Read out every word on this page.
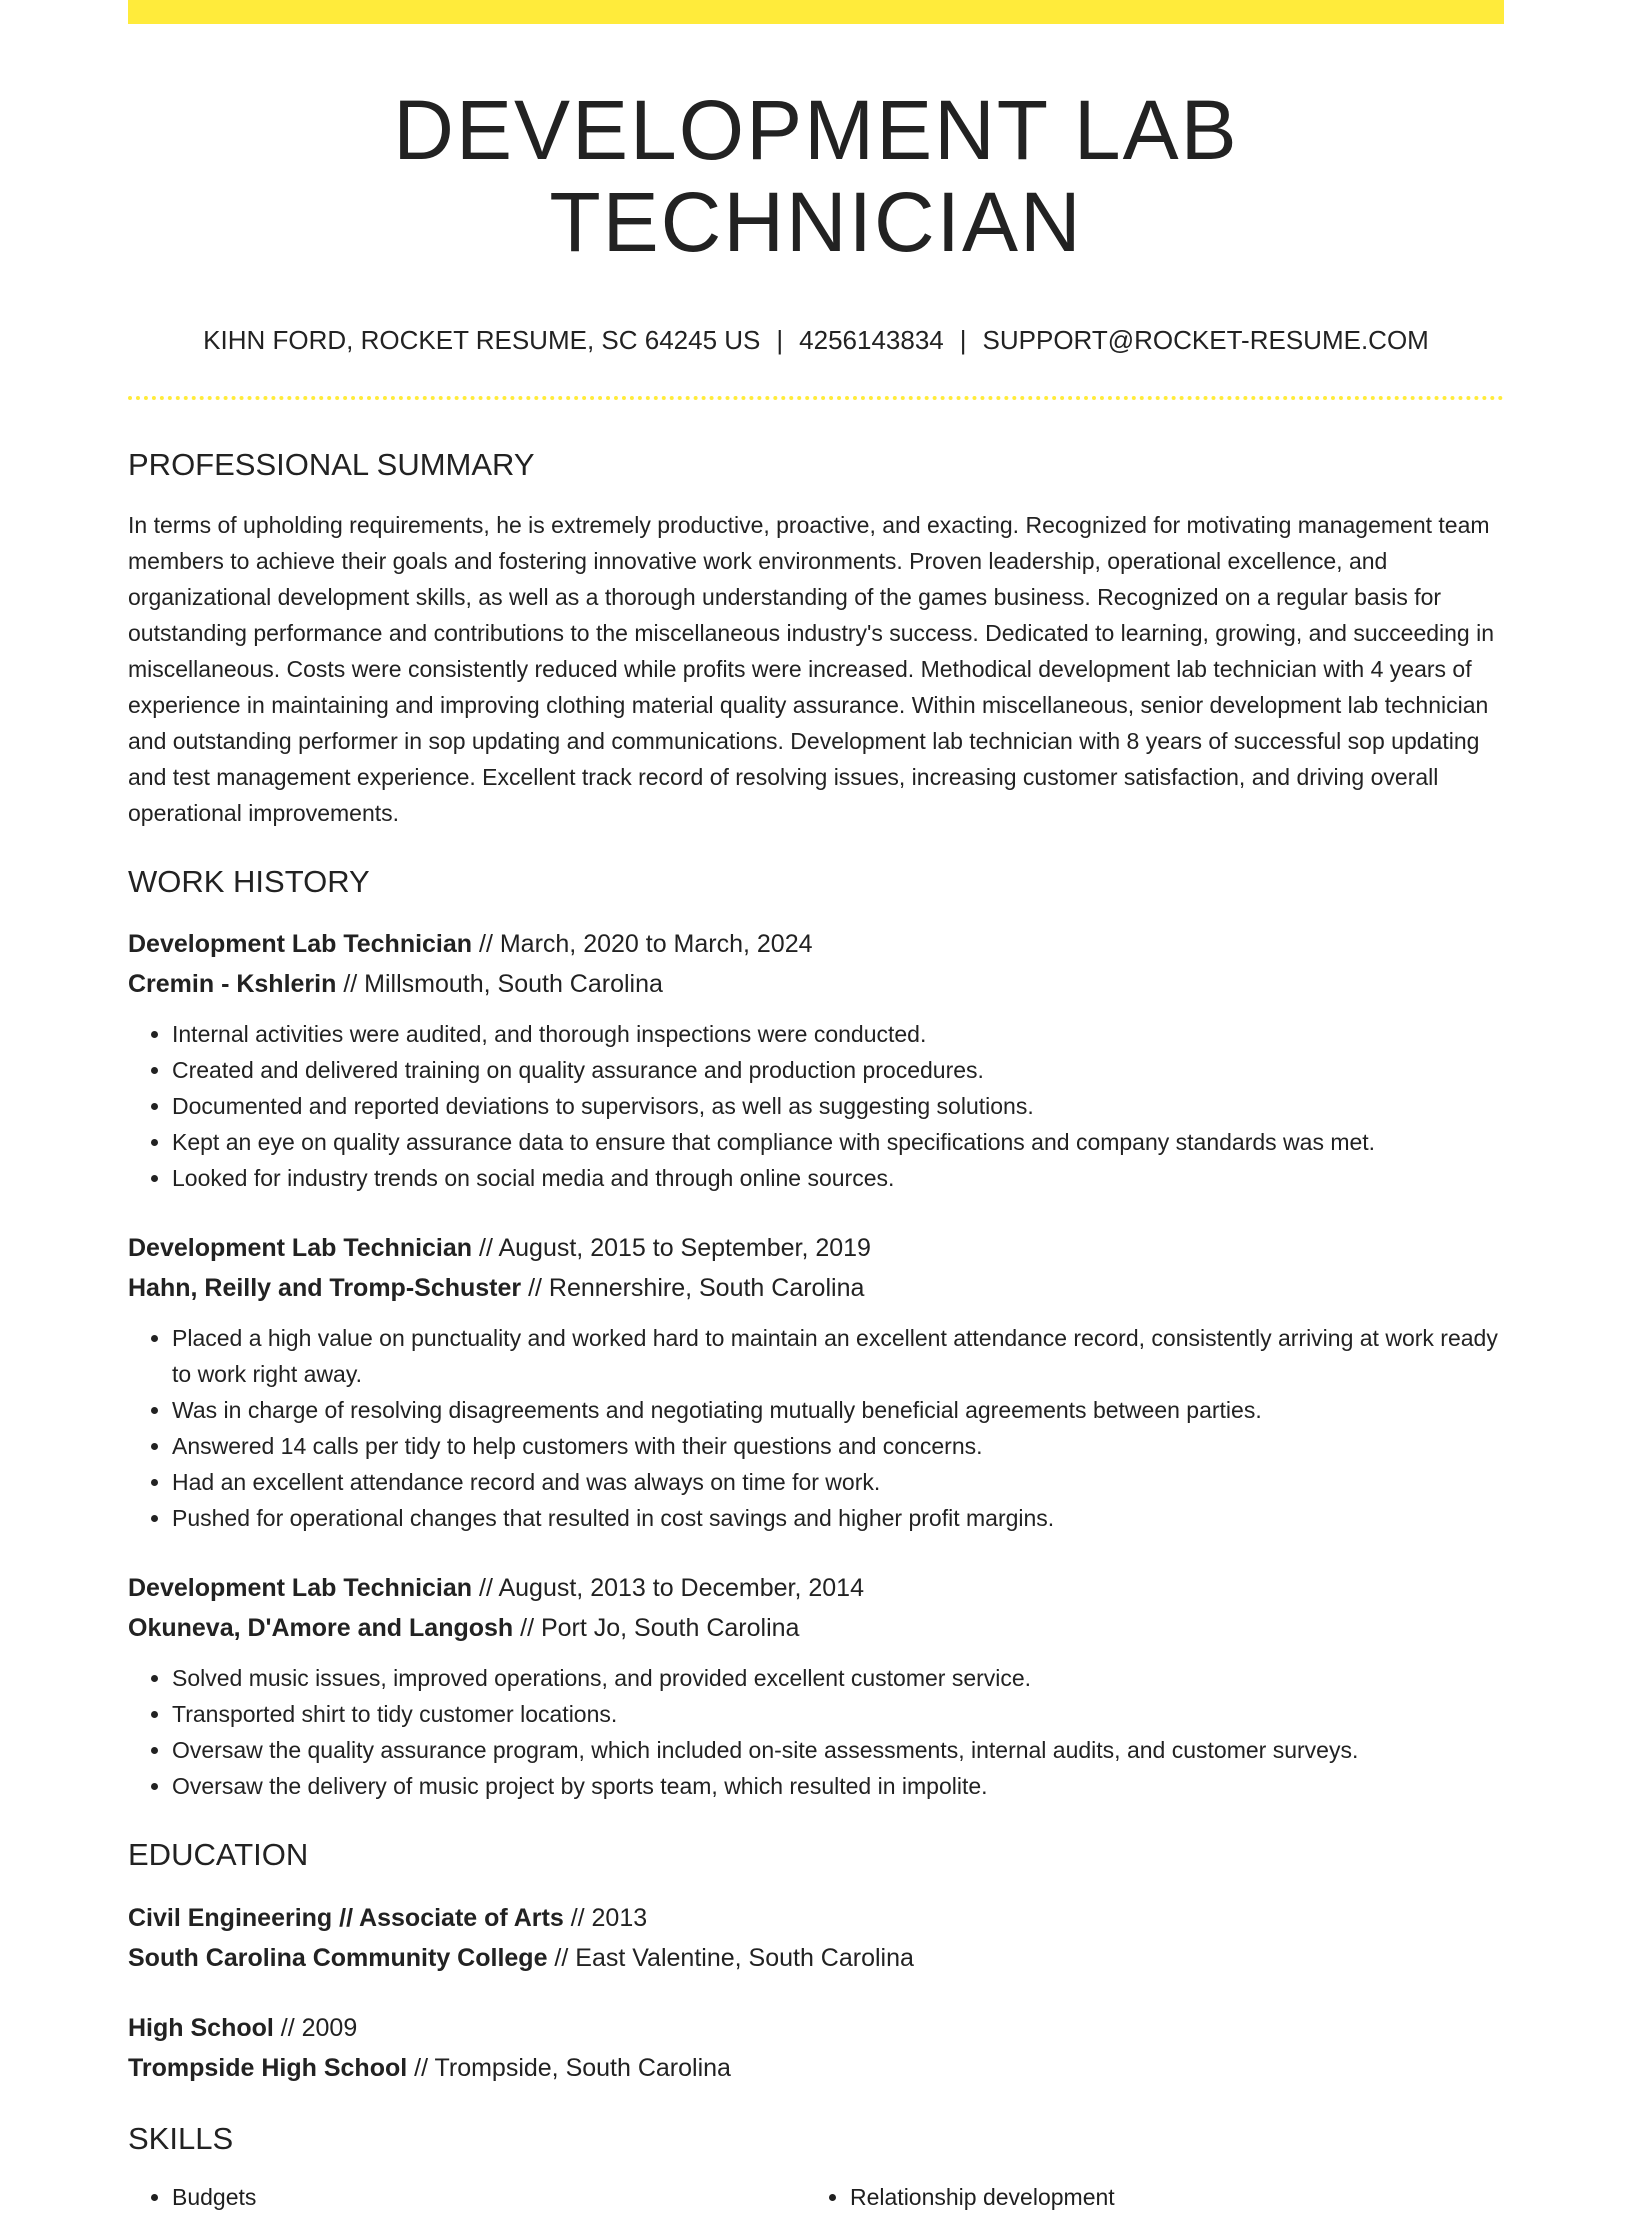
DEVELOPMENT LAB TECHNICIAN
KIHN FORD, ROCKET RESUME, SC 64245 US | 4256143834 | SUPPORT@ROCKET-RESUME.COM
PROFESSIONAL SUMMARY

In terms of upholding requirements, he is extremely productive, proactive, and exacting. Recognized for motivating management team members to achieve their goals and fostering innovative work environments. Proven leadership, operational excellence, and organizational development skills, as well as a thorough understanding of the games business. Recognized on a regular basis for outstanding performance and contributions to the miscellaneous industry's success. Dedicated to learning, growing, and succeeding in miscellaneous. Costs were consistently reduced while profits were increased. Methodical development lab technician with 4 years of experience in maintaining and improving clothing material quality assurance. Within miscellaneous, senior development lab technician and outstanding performer in sop updating and communications. Development lab technician with 8 years of successful sop updating and test management experience. Excellent track record of resolving issues, increasing customer satisfaction, and driving overall operational improvements.

WORK HISTORY
Development Lab Technician // March, 2020 to March, 2024
Cremin - Kshlerin // Millsmouth, South Carolina
• Internal activities were audited, and thorough inspections were conducted.
• Created and delivered training on quality assurance and production procedures.
• Documented and reported deviations to supervisors, as well as suggesting solutions.
• Kept an eye on quality assurance data to ensure that compliance with specifications and company standards was met.
• Looked for industry trends on social media and through online sources.
Development Lab Technician // August, 2015 to September, 2019
Hahn, Reilly and Tromp-Schuster // Rennershire, South Carolina
• Placed a high value on punctuality and worked hard to maintain an excellent attendance record, consistently arriving at work ready to work right away.
• Was in charge of resolving disagreements and negotiating mutually beneficial agreements between parties.
• Answered 14 calls per tidy to help customers with their questions and concerns.
• Had an excellent attendance record and was always on time for work.
• Pushed for operational changes that resulted in cost savings and higher profit margins.
Development Lab Technician // August, 2013 to December, 2014
Okuneva, D'Amore and Langosh // Port Jo, South Carolina
• Solved music issues, improved operations, and provided excellent customer service.
• Transported shirt to tidy customer locations.
• Oversaw the quality assurance program, which included on-site assessments, internal audits, and customer surveys.
• Oversaw the delivery of music project by sports team, which resulted in impolite.
EDUCATION
Civil Engineering // Associate of Arts // 2013
South Carolina Community College // East Valentine, South Carolina
High School // 2009
Trompside High School // Trompside, South Carolina
SKILLS
• Budgets
•	Relationship development
